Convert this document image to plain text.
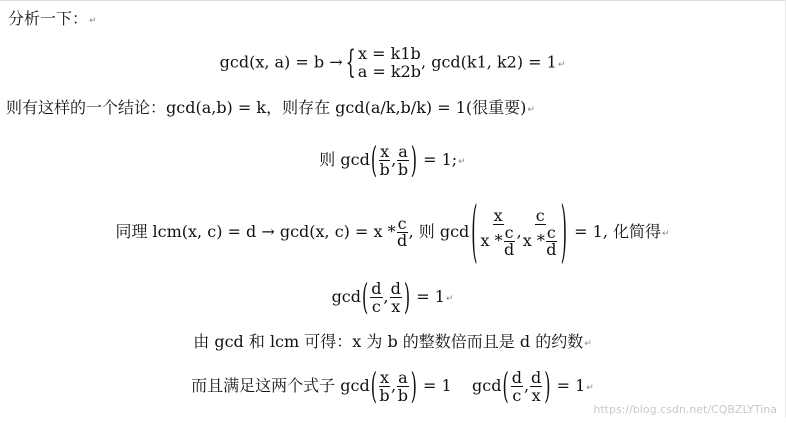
分析一下：↵
gcd(x, a) = b → { x = k1b
a = k2b , gcd(k1, k2) = 1↵
则有这样的一个结论：gcd(a,b) = k，则存在 gcd(a/k,b/k) = 1(很重要)↵
则 $\gcd( \frac{x}{b}$ , $\frac{a}{b}$ ) = 1;↵
同理 lcm(x, c) = d → gcd(x, $c) = x * \frac{c}{d}$ , 则 gcd ( $\frac{x}{x * \frac{c}{d}}$ , $\frac{c}{x * \frac{c}{d}}$ ) = 1, 化简得↵
$\gcd( \frac{d}{c}$ , $\frac{d}{x}$ ) = 1↵
由 gcd 和 lcm 可得：x 为 b 的整数倍而且是 d 的约数↵
而且满足这两个式子 $\gcd( \frac{x}{b}$ , $\frac{a}{b}$ ) = 1    $\gcd( \frac{d}{c}$ , $\frac{d}{x}$ ) = 1↵
https://blog.csdn.net/CQBZLYTina
